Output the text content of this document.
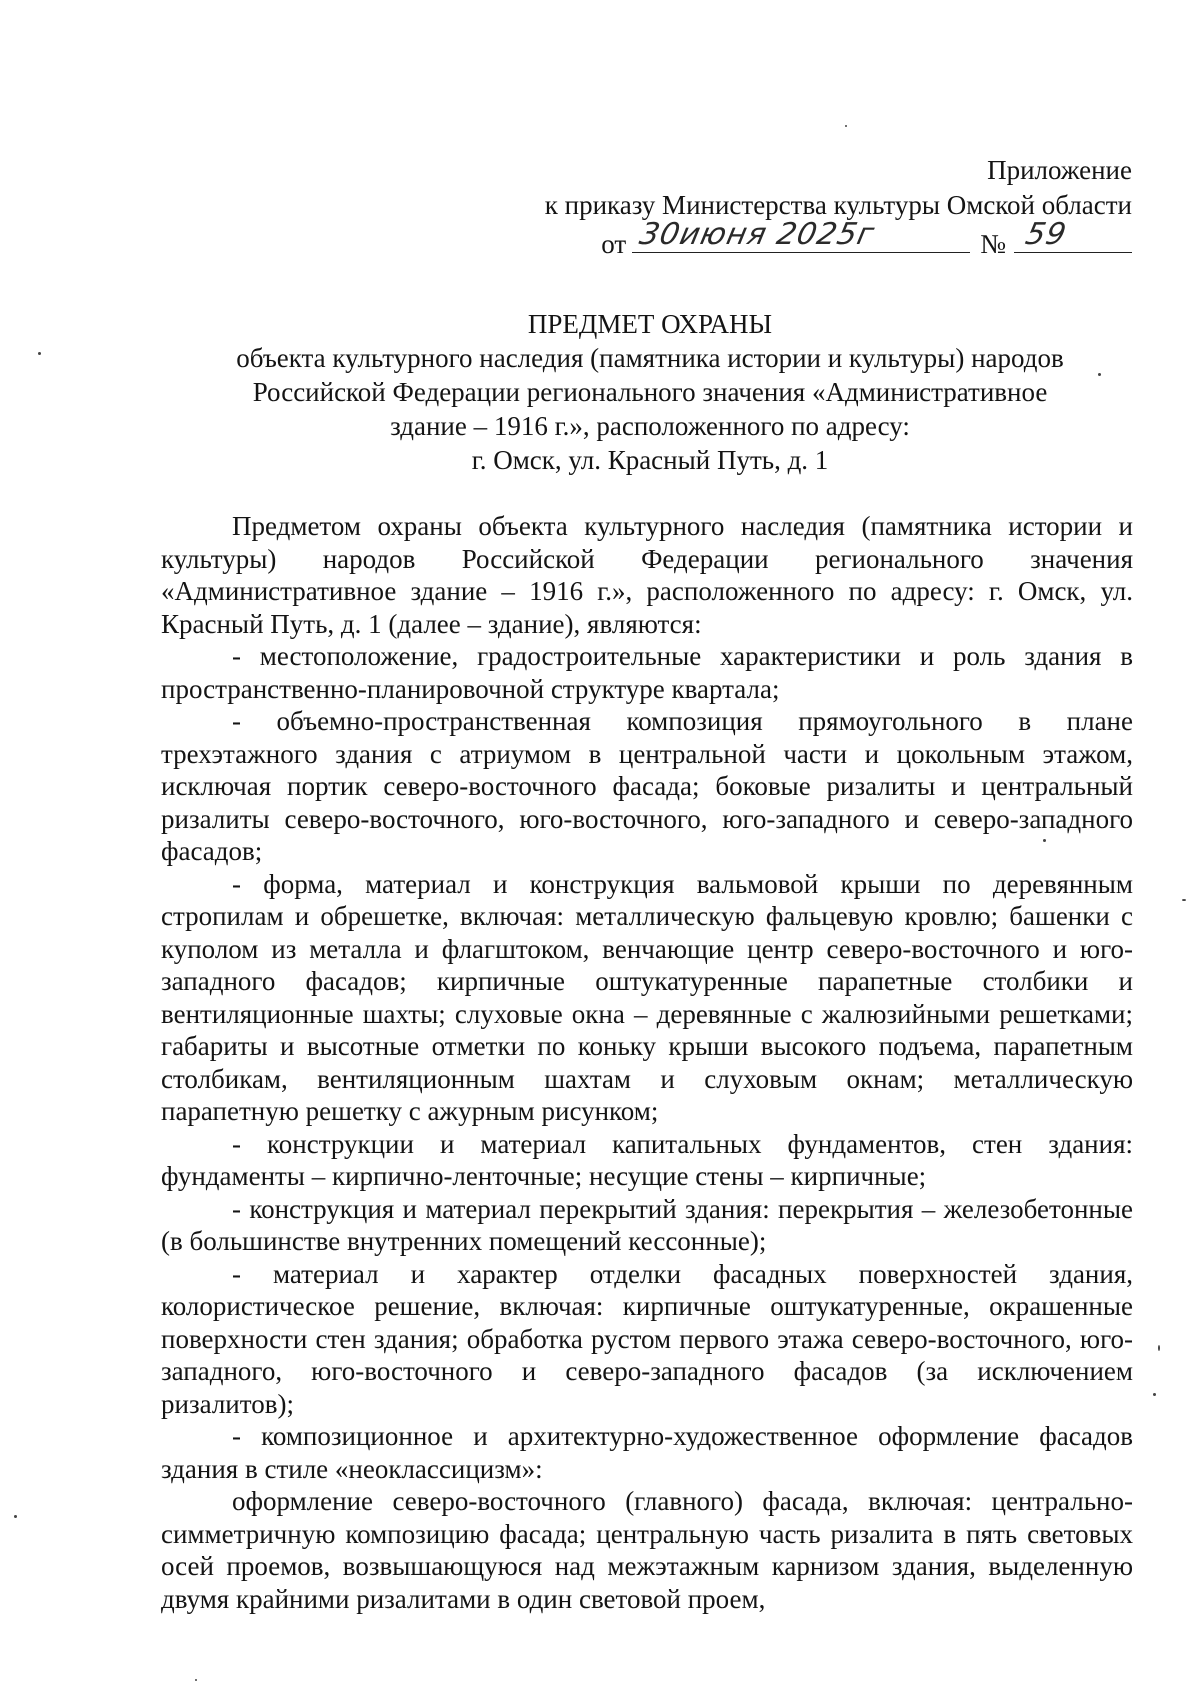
Приложение
к приказу Министерства культуры Омской области
от 30июня 2025г	№ 59
ПРЕДМЕТ ОХРАНЫ
объекта культурного наследия (памятника истории и культуры) народов
Российской Федерации регионального значения «Административное
здание – 1916 г.», расположенного по адресу:
г. Омск, ул. Красный Путь, д. 1

Предметом охраны объекта культурного наследия (памятника истории и культуры) народов Российской Федерации регионального значения «Административное здание – 1916 г.», расположенного по адресу: г. Омск, ул. Красный Путь, д. 1 (далее – здание), являются:

- местоположение, градостроительные характеристики и роль здания в пространственно-планировочной структуре квартала;

- объемно-пространственная композиция прямоугольного в плане трехэтажного здания с атриумом в центральной части и цокольным этажом, исключая портик северо-восточного фасада; боковые ризалиты и центральный ризалиты северо-восточного, юго-восточного, юго-западного и северо-западного фасадов;

- форма, материал и конструкция вальмовой крыши по деревянным стропилам и обрешетке, включая: металлическую фальцевую кровлю; башенки с куполом из металла и флагштоком, венчающие центр северо-восточного и юго-западного фасадов; кирпичные оштукатуренные парапетные столбики и вентиляционные шахты; слуховые окна – деревянные с жалюзийными решетками; габариты и высотные отметки по коньку крыши высокого подъема, парапетным столбикам, вентиляционным шахтам и слуховым окнам; металлическую парапетную решетку с ажурным рисунком;

- конструкции и материал капитальных фундаментов, стен здания: фундаменты – кирпично-ленточные; несущие стены – кирпичные;

- конструкция и материал перекрытий здания: перекрытия – железобетонные (в большинстве внутренних помещений кессонные);

- материал и характер отделки фасадных поверхностей здания, колористическое решение, включая: кирпичные оштукатуренные, окрашенные поверхности стен здания; обработка рустом первого этажа северо-восточного, юго-западного, юго-восточного и северо-западного фасадов (за исключением ризалитов);

- композиционное и архитектурно-художественное оформление фасадов здания в стиле «неоклассицизм»:

оформление северо-восточного (главного) фасада, включая: центрально-симметричную композицию фасада; центральную часть ризалита в пять световых осей проемов, возвышающуюся над межэтажным карнизом здания, выделенную двумя крайними ризалитами в один световой проем,
